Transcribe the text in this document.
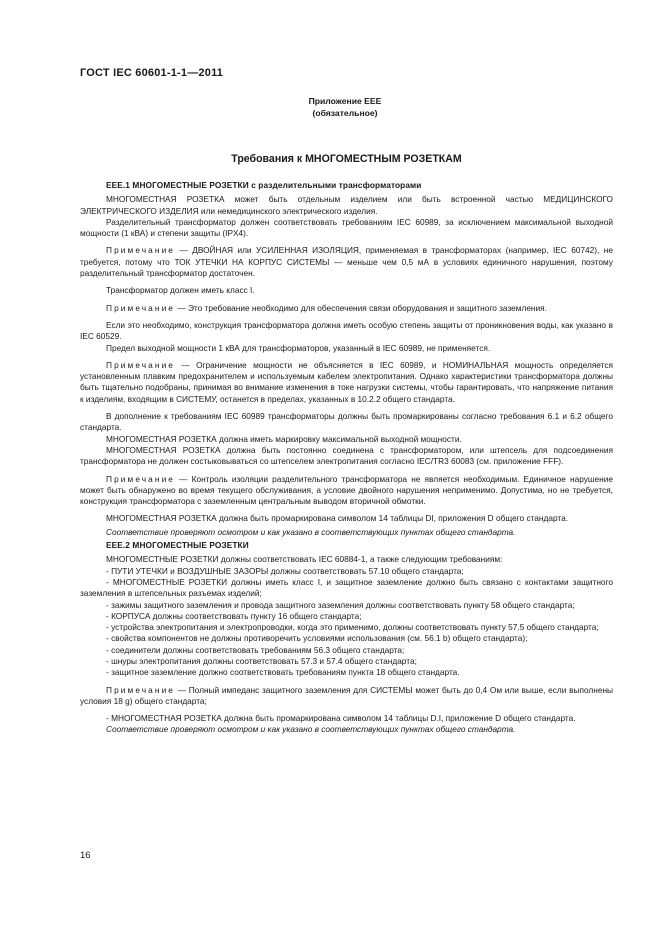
ГОСТ IEC 60601-1-1—2011
Приложение ЕЕЕ
(обязательное)
Требования к МНОГОМЕСТНЫМ РОЗЕТКАМ

ЕЕЕ.1 МНОГОМЕСТНЫЕ РОЗЕТКИ с разделительными трансформаторами

МНОГОМЕСТНАЯ РОЗЕТКА может быть отдельным изделием или быть встроенной частью МЕДИЦИНСКОГО ЭЛЕКТРИЧЕСКОГО ИЗДЕЛИЯ или немедицинского электрического изделия.

Разделительный трансформатор должен соответствовать требованиям IEC 60989, за исключением максимальной выходной мощности (1 кВА) и степени защиты (IPX4).

Примечание — ДВОЙНАЯ или УСИЛЕННАЯ ИЗОЛЯЦИЯ, применяемая в трансформаторах (например, IEC 60742), не требуется, потому что ТОК УТЕЧКИ НА КОРПУС СИСТЕМЫ — меньше чем 0,5 мА в условиях единичного нарушения, поэтому разделительный трансформатор достаточен.

Трансформатор должен иметь класс I.

Примечание — Это требование необходимо для обеспечения связи оборудования и защитного заземления.

Если это необходимо, конструкция трансформатора должна иметь особую степень защиты от проникновения воды, как указано в IEC 60529.

Предел выходной мощности 1 кВА для трансформаторов, указанный в IEC 60989, не применяется.

Примечание — Ограничение мощности не объясняется в IEC 60989, и НОМИНАЛЬНАЯ мощность определяется установленным плавким предохранителем и используемым кабелем электропитания. Однако характеристики трансформатора должны быть тщательно подобраны, принимая во внимание изменения в токе нагрузки системы, чтобы гарантировать, что напряжение питания к изделиям, входящим в СИСТЕМУ, останется в пределах, указанных в 10.2.2 общего стандарта.

В дополнение к требованиям IEC 60989 трансформаторы должны быть промаркированы согласно требования 6.1 и 6.2 общего стандарта.

МНОГОМЕСТНАЯ РОЗЕТКА должна иметь маркировку максимальной выходной мощности.

МНОГОМЕСТНАЯ РОЗЕТКА должна быть постоянно соединена с трансформатором, или штепсель для подсоединения трансформатора не должен состыковываться со штепселем электропитания согласно IEC/TR3 60083 (см. приложение FFF).

Примечание — Контроль изоляции разделительного трансформатора не является необходимым. Единичное нарушение может быть обнаружено во время текущего обслуживания, а условие двойного нарушения неприменимо. Допустима, но не требуется, конструкция трансформатора с заземленным центральным выводом вторичной обмотки.

МНОГОМЕСТНАЯ РОЗЕТКА должна быть промаркирована символом 14 таблицы DI, приложения D общего стандарта.

Соответствие проверяют осмотром и как указано в соответствующих пунктах общего стандарта.

ЕЕЕ.2 МНОГОМЕСТНЫЕ РОЗЕТКИ

МНОГОМЕСТНЫЕ РОЗЕТКИ должны соответствовать IEC 60884-1, а также следующим требованиям:

- ПУТИ УТЕЧКИ и ВОЗДУШНЫЕ ЗАЗОРЫ должны соответствовать 57.10 общего стандарта;

- МНОГОМЕСТНЫЕ РОЗЕТКИ должны иметь класс I, и защитное заземление должно быть связано с контактами защитного заземления в штепсельных разъемах изделий;

- зажимы защитного заземления и провода защитного заземления должны соответствовать пункту 58 общего стандарта;

- КОРПУСА должны соответствовать пункту 16 общего стандарта;

- устройства электропитания и электропроводки, когда это применимо, должны соответствовать пункту 57.5 общего стандарта;

- свойства компонентов не должны противоречить условиями использования (см. 56.1 b) общего стандарта);

- соединители должны соответствовать требованиям 56.3 общего стандарта;

- шнуры электропитания должны соответствовать 57.3 и 57.4 общего стандарта;

- защитное заземление должно соответствовать требованиям пункта 18 общего стандарта.

Примечание — Полный импеданс защитного заземления для СИСТЕМЫ может быть до 0,4 Ом или выше, если выполнены условия 18 g) общего стандарта;

- МНОГОМЕСТНАЯ РОЗЕТКА должна быть промаркирована символом 14 таблицы D.I, приложение D общего стандарта.

Соответствие проверяют осмотром и как указано в соответствующих пунктах общего стандарта.

16
